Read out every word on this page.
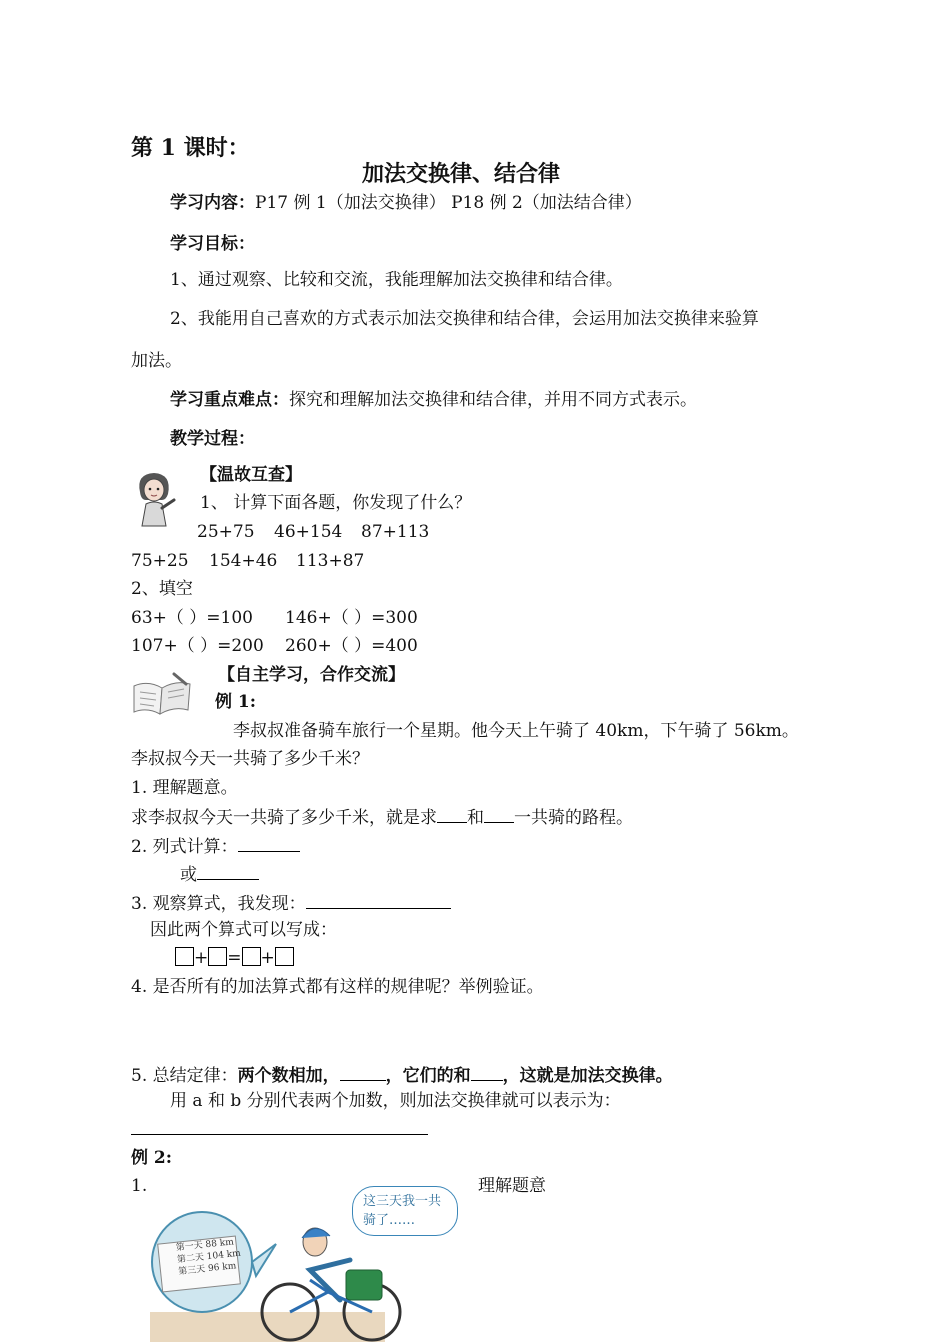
第 1 课时：
加法交换律、结合律
学习内容：P17 例 1（加法交换律） P18 例 2（加法结合律）
学习目标：
1、通过观察、比较和交流，我能理解加法交换律和结合律。
2、我能用自己喜欢的方式表示加法交换律和结合律，会运用加法交换律来验算
加法。
学习重点难点：探究和理解加法交换律和结合律，并用不同方式表示。
教学过程：
【温故互查】
1、 计算下面各题，你发现了什么？
25+75 46+154 87+113
75+25 154+46 113+87
2、填空
63+（ ）=100 146+（ ）=300
107+（ ）=200 260+（ ）=400
【自主学习，合作交流】
例 1:
李叔叔准备骑车旅行一个星期。他今天上午骑了 40km，下午骑了 56km。
李叔叔今天一共骑了多少千米？
1. 理解题意。
求李叔叔今天一共骑了多少千米，就是求 和 一共骑的路程。
2. 列式计算：
或
3. 观察算式，我发现：
因此两个算式可以写成：
+ = +
4. 是否所有的加法算式都有这样的规律呢？举例验证。
5. 总结定律：两个数相加，	，它们的和 ，这就是加法交换律。
用 a 和 b 分别代表两个加数，则加法交换律就可以表示为：
例 2:
1.	理解题意
第一天 88 km
第二天 104 km
第三天 96 km
这三天我一共骑了……
